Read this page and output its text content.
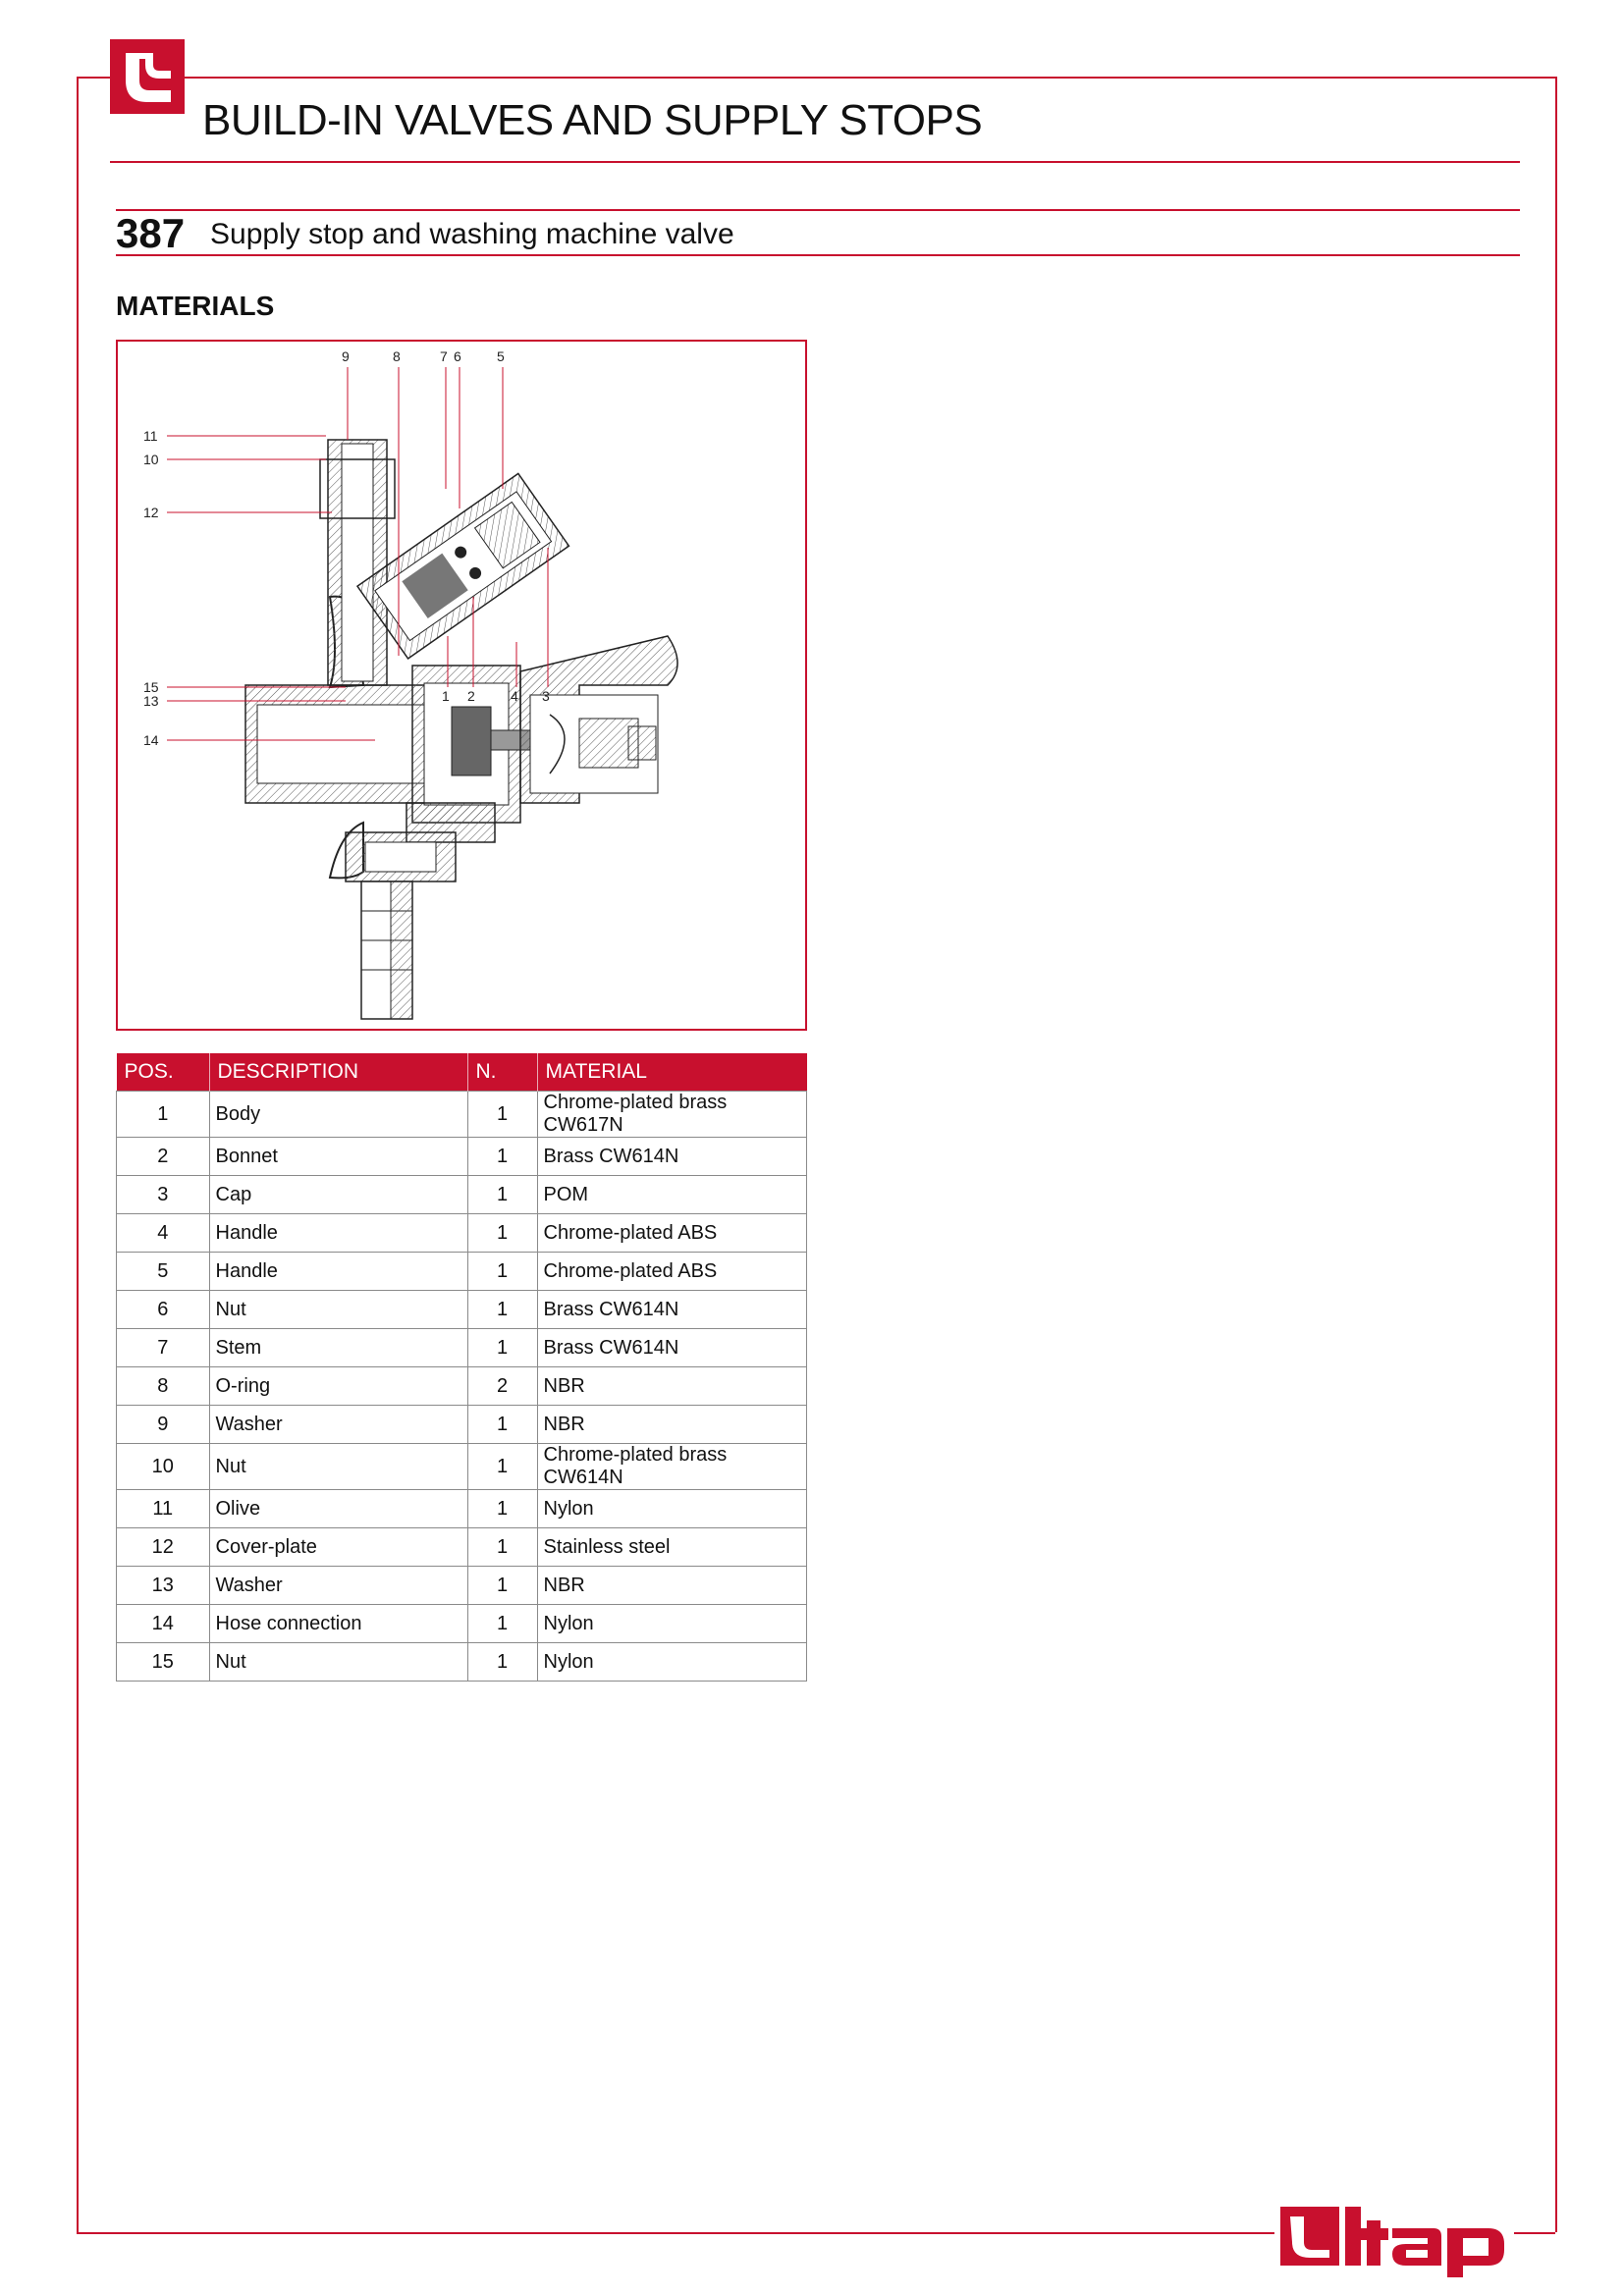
BUILD-IN VALVES AND SUPPLY STOPS
387 Supply stop and washing machine valve
MATERIALS
9	8	7 6	5
11
10
12
15
13
14
1 2	4 3
POS.	DESCRIPTION	N.	MATERIAL
1	Body	1	Chrome-plated brass CW617N
2	Bonnet	1	Brass CW614N
3	Cap	1	POM
4	Handle	1	Chrome-plated ABS
5	Handle	1	Chrome-plated ABS
6	Nut	1	Brass CW614N
7	Stem	1	Brass CW614N
8	O-ring	2	NBR
9	Washer	1	NBR
10	Nut	1	Chrome-plated brass CW614N
11	Olive	1	Nylon
12	Cover-plate	1	Stainless steel
13	Washer	1	NBR
14	Hose connection	1	Nylon
15	Nut	1	Nylon
